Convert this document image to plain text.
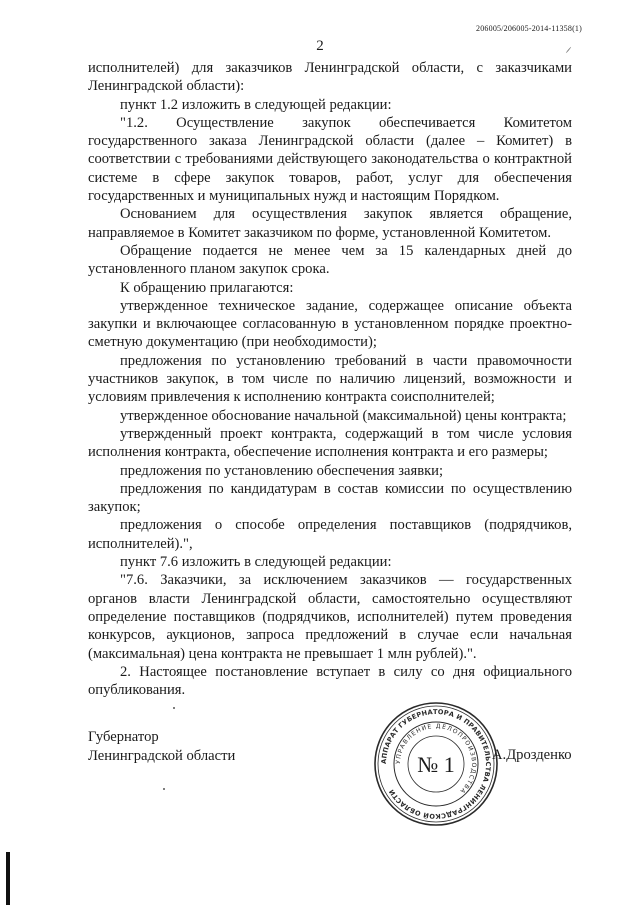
206005/206005-2014-11358(1)
2

исполнителей) для заказчиков Ленинградской области, с заказчиками Ленинградской области):

пункт 1.2 изложить в следующей редакции:

"1.2. Осуществление закупок обеспечивается Комитетом государственного заказа Ленинградской области (далее – Комитет) в соответствии с требованиями действующего законодательства о контрактной системе в сфере закупок товаров, работ, услуг для обеспечения государственных и муниципальных нужд и настоящим Порядком.

Основанием для осуществления закупок является обращение, направляемое в Комитет заказчиком по форме, установленной Комитетом.

Обращение подается не менее чем за 15 календарных дней до установленного планом закупок срока.

К обращению прилагаются:

утвержденное техническое задание, содержащее описание объекта закупки и включающее согласованную в установленном порядке проектно-сметную документацию (при необходимости);

предложения по установлению требований в части правомочности участников закупок, в том числе по наличию лицензий, возможности и условиям привлечения к исполнению контракта соисполнителей;

утвержденное обоснование начальной (максимальной) цены контракта;

утвержденный проект контракта, содержащий в том числе условия исполнения контракта, обеспечение исполнения контракта и его размеры;

предложения по установлению обеспечения заявки;

предложения по кандидатурам в состав комиссии по осуществлению закупок;

предложения о способе определения поставщиков (подрядчиков, исполнителей).",

пункт 7.6 изложить в следующей редакции:

"7.6. Заказчики, за исключением заказчиков — государственных органов власти Ленинградской области, самостоятельно осуществляют определение поставщиков (подрядчиков, исполнителей) путем проведения конкурсов, аукционов, запроса предложений в случае если начальная (максимальная) цена контракта не превышает 1 млн рублей).".

2. Настоящее постановление вступает в силу со дня официального опубликования.

Губернатор
Ленинградской области	АППАРАТ ГУБЕРНАТОРА И ПРАВИТЕЛЬСТВА ЛЕНИНГРАДСКОЙ ОБЛАСТИ
УПРАВЛЕНИЕ ДЕЛОПРОИЗВОДСТВА
№ 1	А.Дрозденко
